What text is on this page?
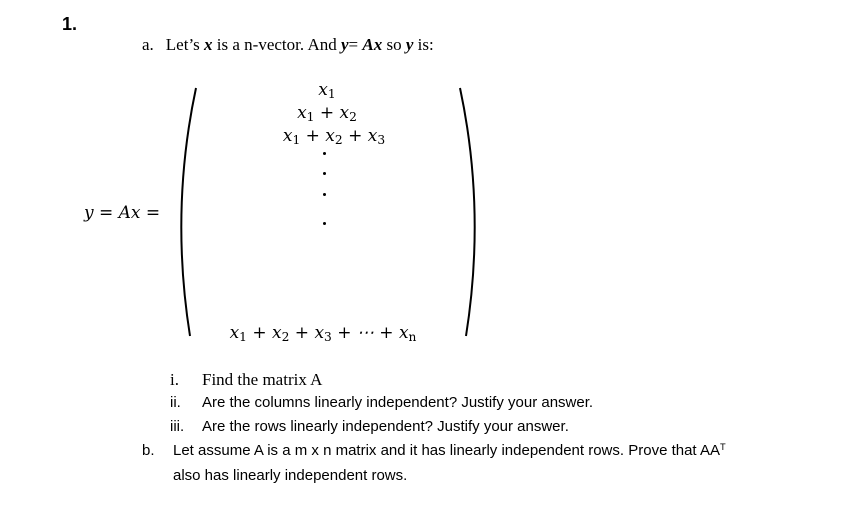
1.
a. Let’s x is a n-vector. And y= Ax so y is:
y = Ax =
$x_1$
$x_1 + x_2$
$x_1 + x_2 + x_3$
$x_1 + x_2 + x_3$ + ⋯ + $x_n$
i. Find the matrix A
ii. Are the columns linearly independent? Justify your answer.
iii. Are the rows linearly independent? Justify your answer.
b. Let assume A is a m x n matrix and it has linearly independent rows. Prove that $AA^T$
also has linearly independent rows.
